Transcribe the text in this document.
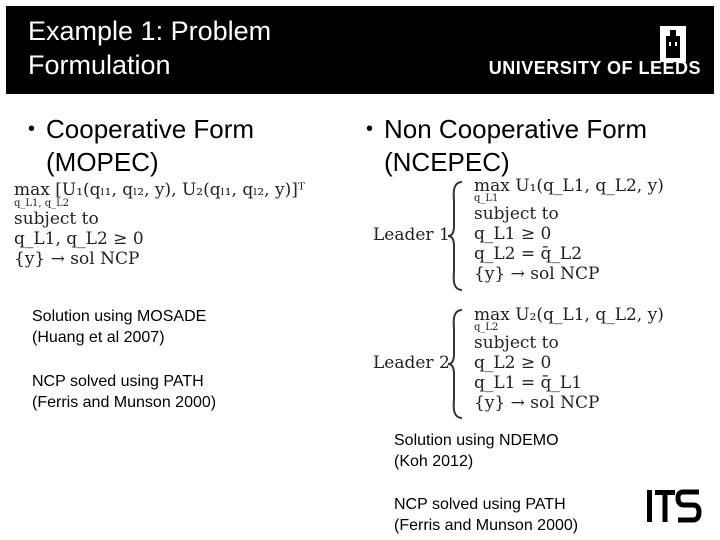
Example 1: Problem
Formulation	UNIVERSITY OF LEEDS
• Cooperative Form
(MOPEC)
max [U₁(qₗ₁, qₗ₂, y), U₂(qₗ₁, qₗ₂, y)]ᵀ
q_L1, q_L2
subject to
q_L1, q_L2 ≥ 0
{y} → sol NCP
Solution using MOSADE
(Huang et al 2007)
NCP solved using PATH
(Ferris and Munson 2000)
• Non Cooperative Form
(NCEPEC)
Leader 1
max U₁(q_L1, q_L2, y)
q_L1
subject to
q_L1 ≥ 0
q_L2 = q̄_L2
{y} → sol NCP
Leader 2
max U₂(q_L1, q_L2, y)
q_L2
subject to
q_L2 ≥ 0
q_L1 = q̄_L1
{y} → sol NCP
Solution using NDEMO
(Koh 2012)
NCP solved using PATH
(Ferris and Munson 2000)
